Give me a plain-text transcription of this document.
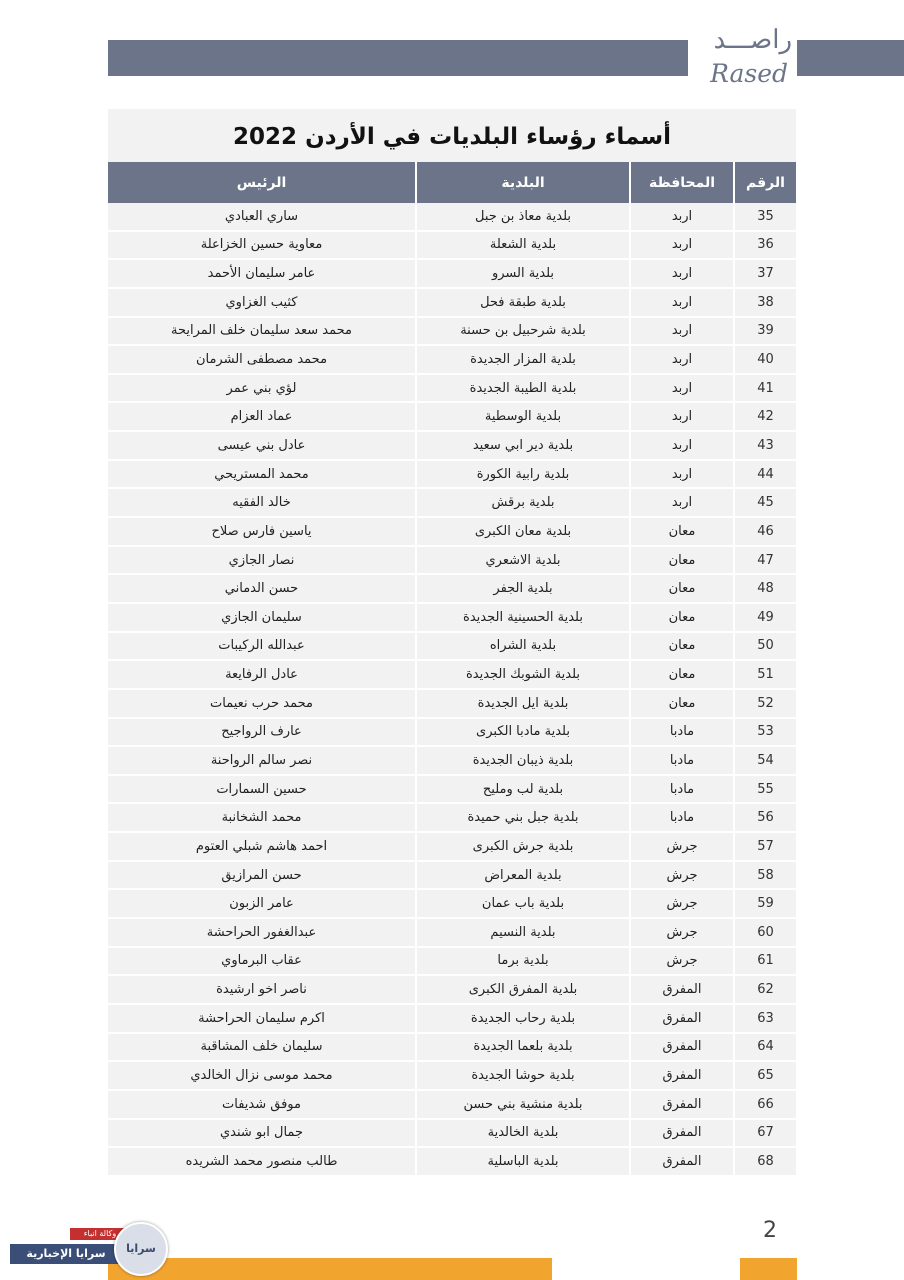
راصـــد
Rased
أسماء رؤساء البلديات في الأردن 2022
الرقم	المحافظة	البلدية	الرئيس
35	اربد	بلدية معاذ بن جبل	ساري العبادي
36	اربد	بلدية الشعلة	معاوية حسين الخزاعلة
37	اربد	بلدية السرو	عامر سليمان الأحمد
38	اربد	بلدية طبقة فحل	كثيب الغزاوي
39	اربد	بلدية شرحبيل بن حسنة	محمد سعد سليمان خلف المرايحة
40	اربد	بلدية المزار الجديدة	محمد مصطفى الشرمان
41	اربد	بلدية الطيبة الجديدة	لؤي بني عمر
42	اربد	بلدية الوسطية	عماد العزام
43	اربد	بلدية دير ابي سعيد	عادل بني عيسى
44	اربد	بلدية رابية الكورة	محمد المستريحي
45	اربد	بلدية برقش	خالد الفقيه
46	معان	بلدية معان الكبرى	ياسين فارس صلاح
47	معان	بلدية الاشعري	نصار الجازي
48	معان	بلدية الجفر	حسن الدماني
49	معان	بلدية الحسينية الجديدة	سليمان الجازي
50	معان	بلدية الشراه	عبدالله الركيبات
51	معان	بلدية الشوبك الجديدة	عادل الرفايعة
52	معان	بلدية ايل الجديدة	محمد حرب نعيمات
53	مادبا	بلدية مادبا الكبرى	عارف الرواجيح
54	مادبا	بلدية ذيبان الجديدة	نصر سالم الرواحنة
55	مادبا	بلدية لب ومليح	حسين السمارات
56	مادبا	بلدية جبل بني حميدة	محمد الشخانبة
57	جرش	بلدية جرش الكبرى	احمد هاشم شبلي العتوم
58	جرش	بلدية المعراض	حسن المرازيق
59	جرش	بلدية باب عمان	عامر الزبون
60	جرش	بلدية النسيم	عبدالغفور الحراحشة
61	جرش	بلدية برما	عقاب البرماوي
62	المفرق	بلدية المفرق الكبرى	ناصر اخو ارشيدة
63	المفرق	بلدية رحاب الجديدة	اكرم سليمان الحراحشة
64	المفرق	بلدية بلعما الجديدة	سليمان خلف المشاقبة
65	المفرق	بلدية حوشا الجديدة	محمد موسى نزال الخالدي
66	المفرق	بلدية منشية بني حسن	موفق شديفات
67	المفرق	بلدية الخالدية	جمال ابو شندي
68	المفرق	بلدية الباسلية	طالب منصور محمد الشريده
2
وكالة انباء
سرايا الإخبارية	سرايا
